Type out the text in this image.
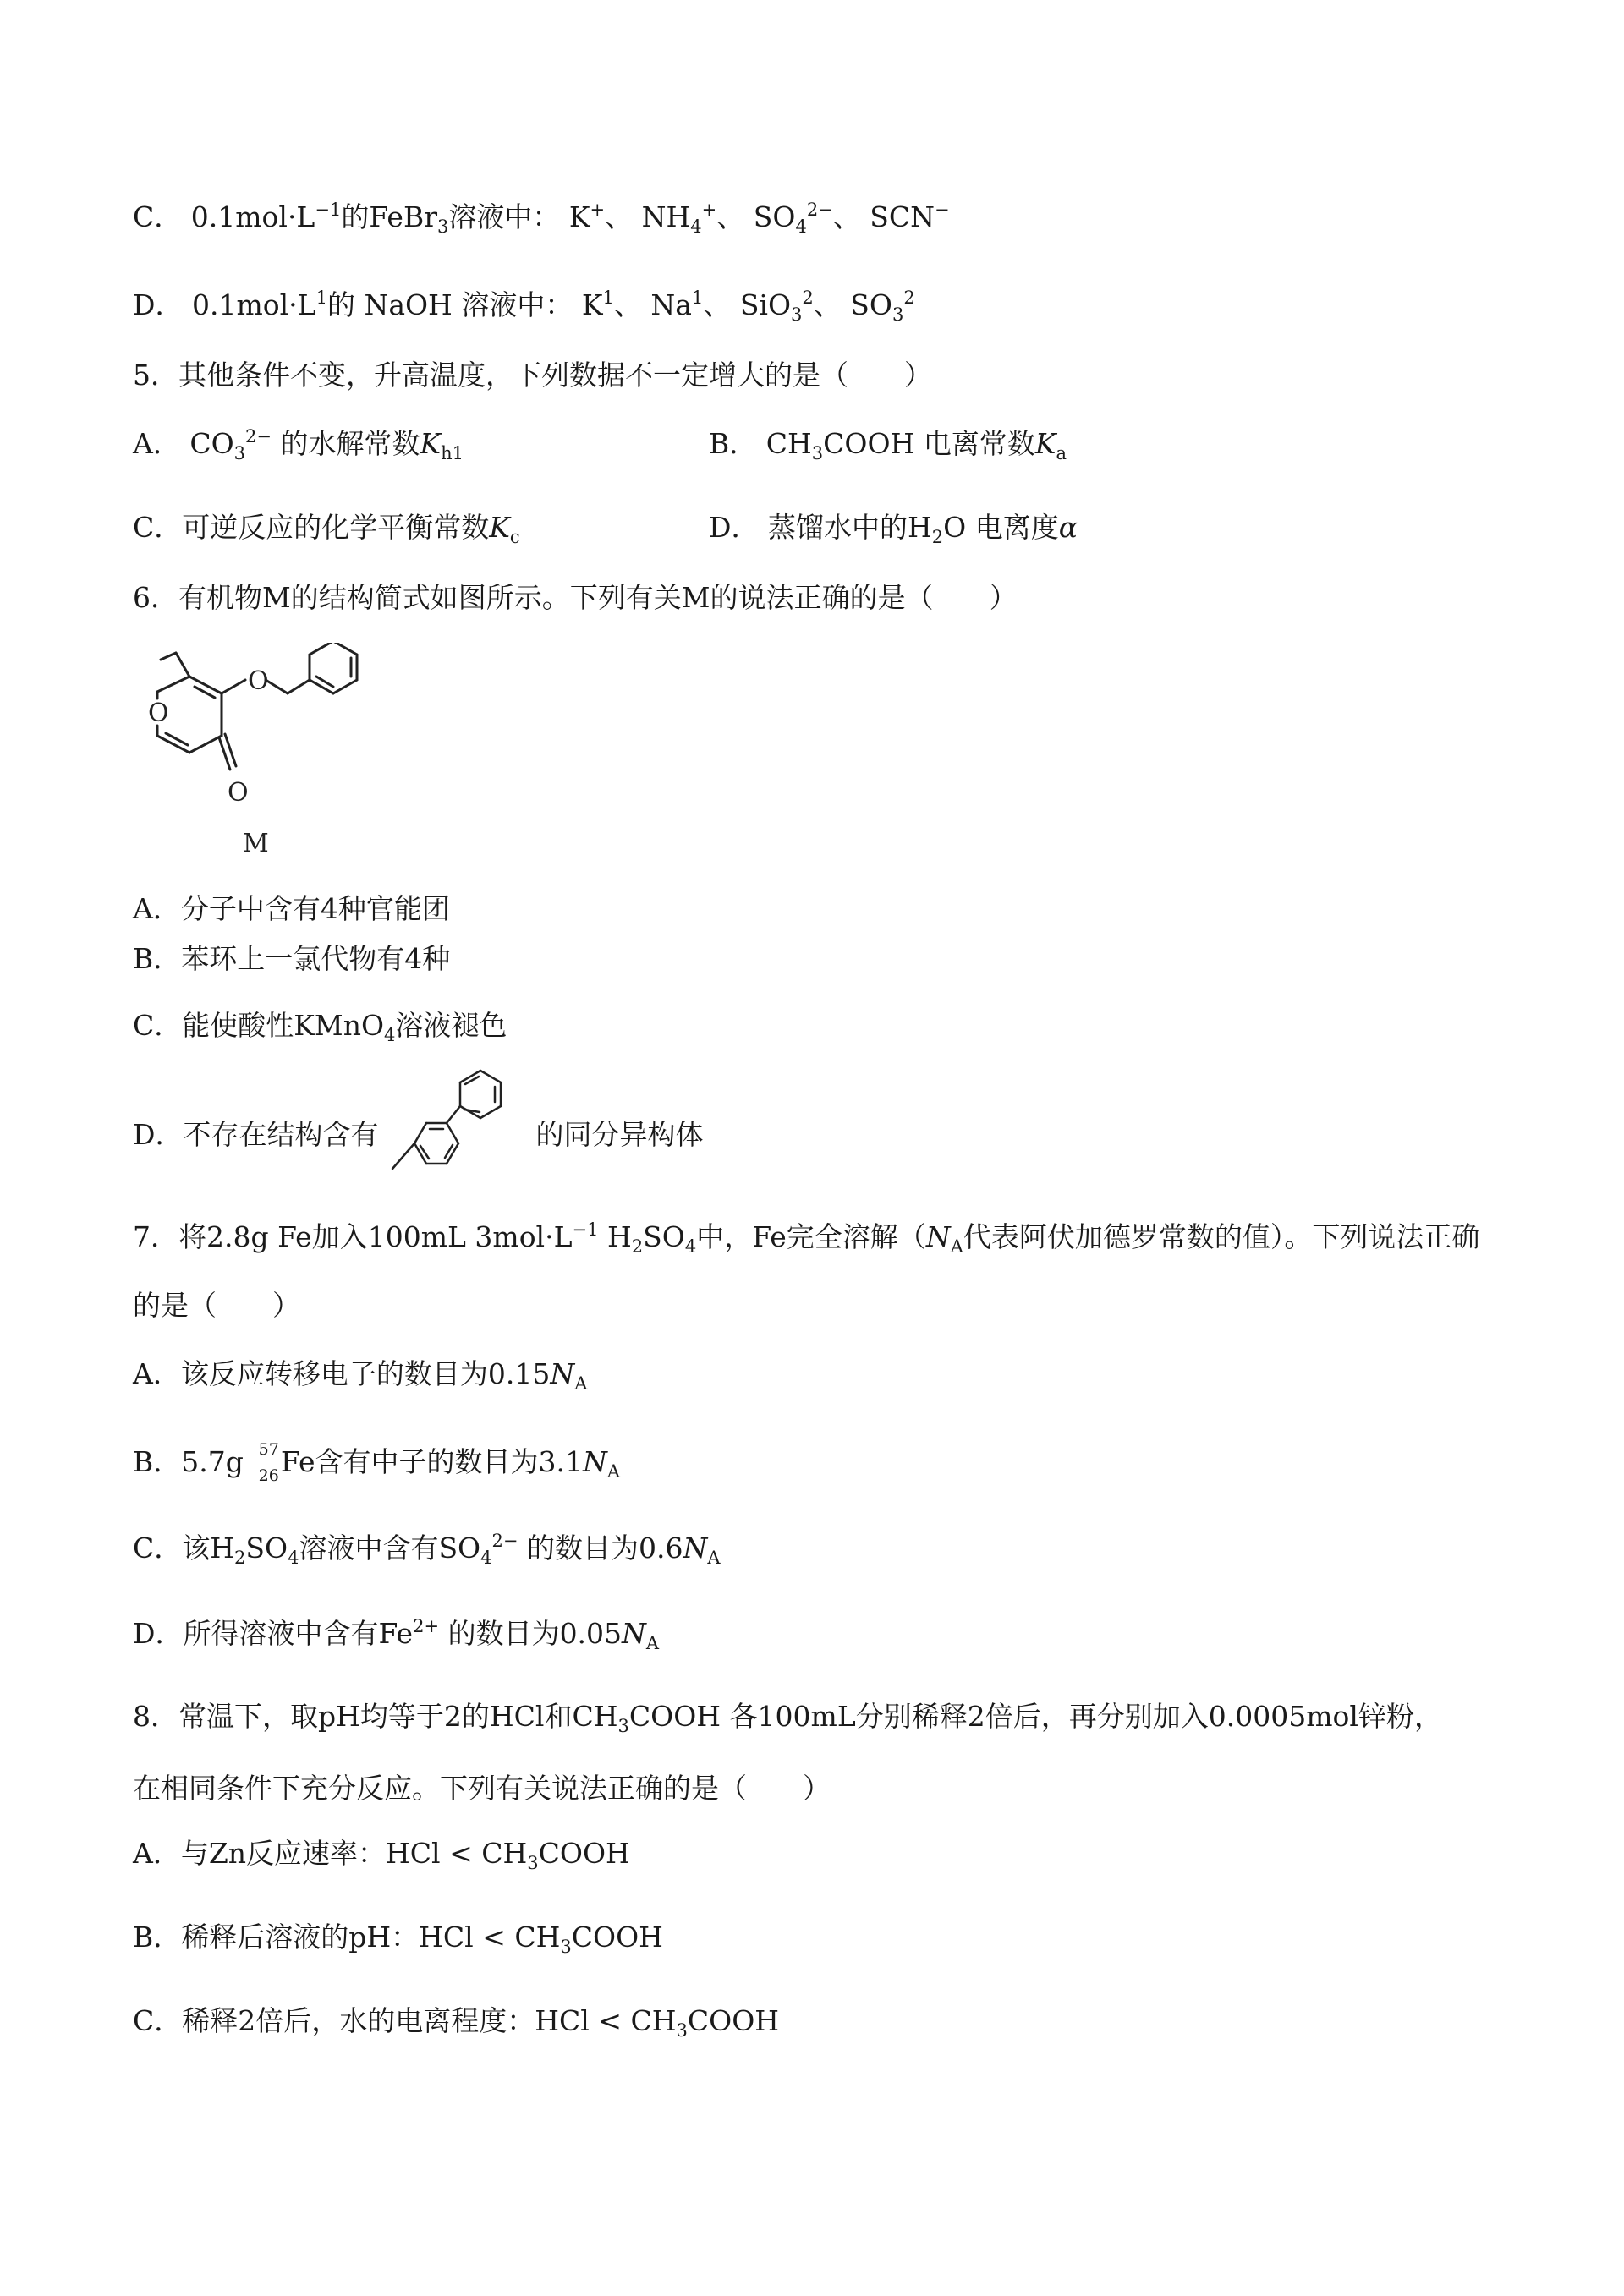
C． $0.1mol\cdot L^{-1}$的FeBr$_3$溶液中： K+、 $NH_4^+$、 $SO_4^{2-}$、 SCN−
D． $0.1mol\cdot L^1$的 NaOH 溶液中： $K^1$、 Na$^1$、 SiO$_3^2$、 $SO_3^2$
5．其他条件不变，升高温度，下列数据不一定增大的是（　　）
A． $CO_3^{2-}$ 的水解常数$K_{h1}$	B． $CH_3COOH$ 电离常数$K_a$
C．可逆反应的化学平衡常数$K_c$	D． 蒸馏水中的$H_2O$ 电离度α
6．有机物M的结构简式如图所示。下列有关M的说法正确的是（　　）
O
O
O
M
A．分子中含有4种官能团
B．苯环上一氯代物有4种
C．能使酸性KMnO$_4$溶液褪色
D．不存在结构含有	的同分异构体
7．将2.8g Fe加入100mL $3mol\cdot L^{-1}$ $H_2SO_4$中，Fe完全溶解（$N_A$代表阿伏加德罗常数的值）。下列说法正确
的是（　　）
A．该反应转移电子的数目为$0.15N_A$
B．5.7g 57
26 Fe含有中子的数目为$3.1N_A$
C．该$H_2SO_4$溶液中含有$SO_4^{2-}$ 的数目为$0.6N_A$
D．所得溶液中含有$Fe^{2+}$ 的数目为$0.05N_A$
8．常温下，取pH均等于2的HCl和$CH_3COOH$ 各100mL分别稀释2倍后，再分别加入0.0005mol锌粉，
在相同条件下充分反应。下列有关说法正确的是（　　）
A．与Zn反应速率：HCl < $CH_3COOH$
B．稀释后溶液的pH：HCl < $CH_3COOH$
C．稀释2倍后，水的电离程度：HCl < $CH_3COOH$
